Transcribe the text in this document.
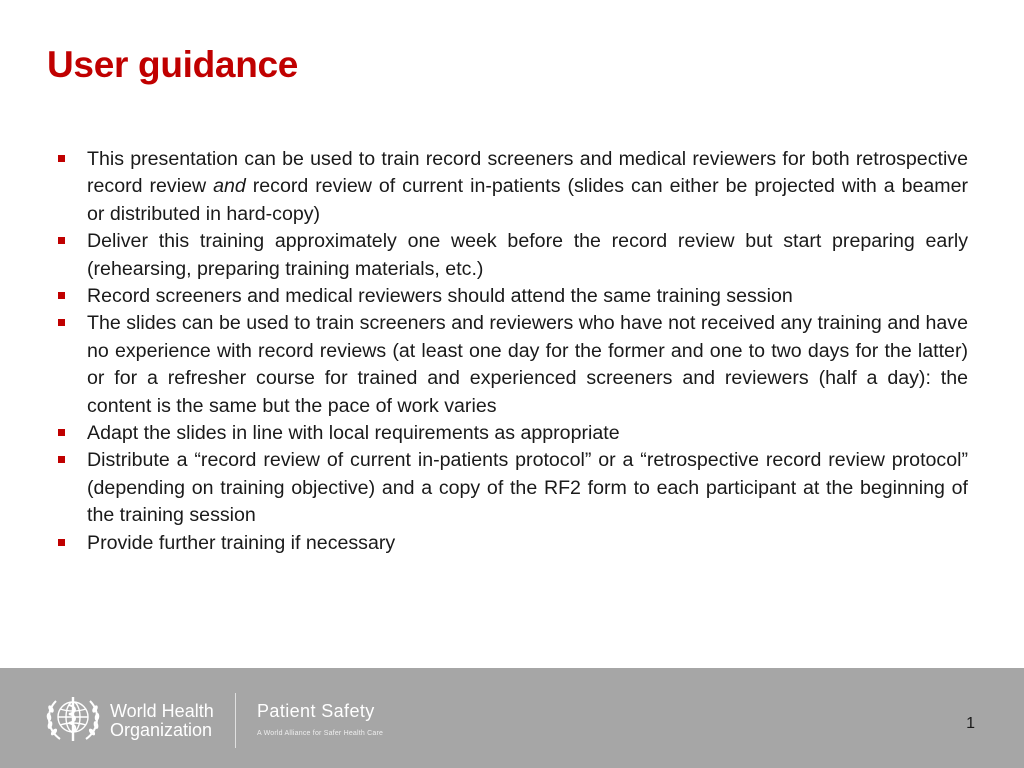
User guidance
This presentation can be used to train record screeners and medical reviewers for both retrospective record review and record review of current in-patients (slides can either be projected with a beamer or distributed in hard-copy)
Deliver this training approximately one week before the record review but start preparing early (rehearsing, preparing training materials, etc.)
Record screeners and medical reviewers should attend the same training session
The slides can be used to train screeners and reviewers who have not received any training and have no experience with record reviews (at least one day for the former and one to two days for the latter) or for a refresher course for trained and experienced screeners and reviewers (half a day): the content is the same but the pace of work varies
Adapt the slides in line with local requirements as appropriate
Distribute a “record review of current in-patients protocol” or a “retrospective record review protocol” (depending on training objective) and a copy of the RF2 form to each participant at the beginning of the training session
Provide further training if necessary
World Health
Organization
Patient Safety
A World Alliance for Safer Health Care
1
